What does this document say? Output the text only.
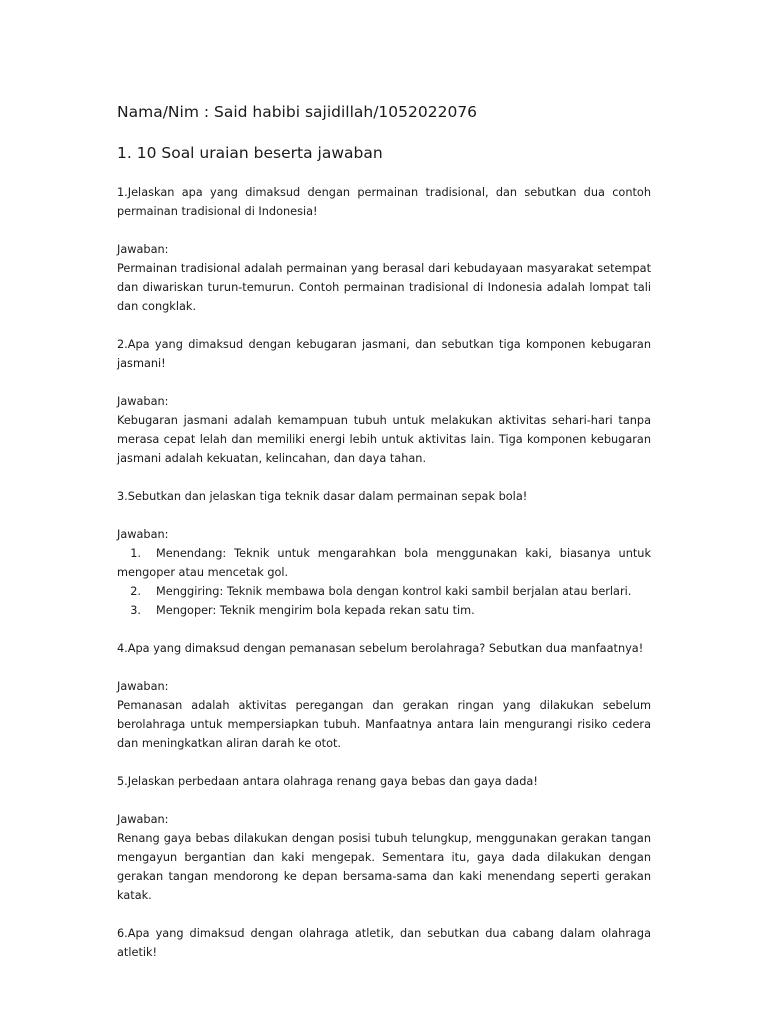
Nama/Nim : Said habibi sajidillah/1052022076
1. 10 Soal uraian beserta jawaban

1.Jelaskan apa yang dimaksud dengan permainan tradisional, dan sebutkan dua contoh permainan tradisional di Indonesia!

Jawaban:

Permainan tradisional adalah permainan yang berasal dari kebudayaan masyarakat setempat dan diwariskan turun-temurun. Contoh permainan tradisional di Indonesia adalah lompat tali dan congklak.

2.Apa yang dimaksud dengan kebugaran jasmani, dan sebutkan tiga komponen kebugaran jasmani!

Jawaban:

Kebugaran jasmani adalah kemampuan tubuh untuk melakukan aktivitas sehari-hari tanpa merasa cepat lelah dan memiliki energi lebih untuk aktivitas lain. Tiga komponen kebugaran jasmani adalah kekuatan, kelincahan, dan daya tahan.

3.Sebutkan dan jelaskan tiga teknik dasar dalam permainan sepak bola!

Jawaban:

1. Menendang: Teknik untuk mengarahkan bola menggunakan kaki, biasanya untuk mengoper atau mencetak gol.
2. Menggiring: Teknik membawa bola dengan kontrol kaki sambil berjalan atau berlari.
3. Mengoper: Teknik mengirim bola kepada rekan satu tim.

4.Apa yang dimaksud dengan pemanasan sebelum berolahraga? Sebutkan dua manfaatnya!

Jawaban:

Pemanasan adalah aktivitas peregangan dan gerakan ringan yang dilakukan sebelum berolahraga untuk mempersiapkan tubuh. Manfaatnya antara lain mengurangi risiko cedera dan meningkatkan aliran darah ke otot.

5.Jelaskan perbedaan antara olahraga renang gaya bebas dan gaya dada!

Jawaban:

Renang gaya bebas dilakukan dengan posisi tubuh telungkup, menggunakan gerakan tangan mengayun bergantian dan kaki mengepak. Sementara itu, gaya dada dilakukan dengan gerakan tangan mendorong ke depan bersama-sama dan kaki menendang seperti gerakan katak.

6.Apa yang dimaksud dengan olahraga atletik, dan sebutkan dua cabang dalam olahraga atletik!
